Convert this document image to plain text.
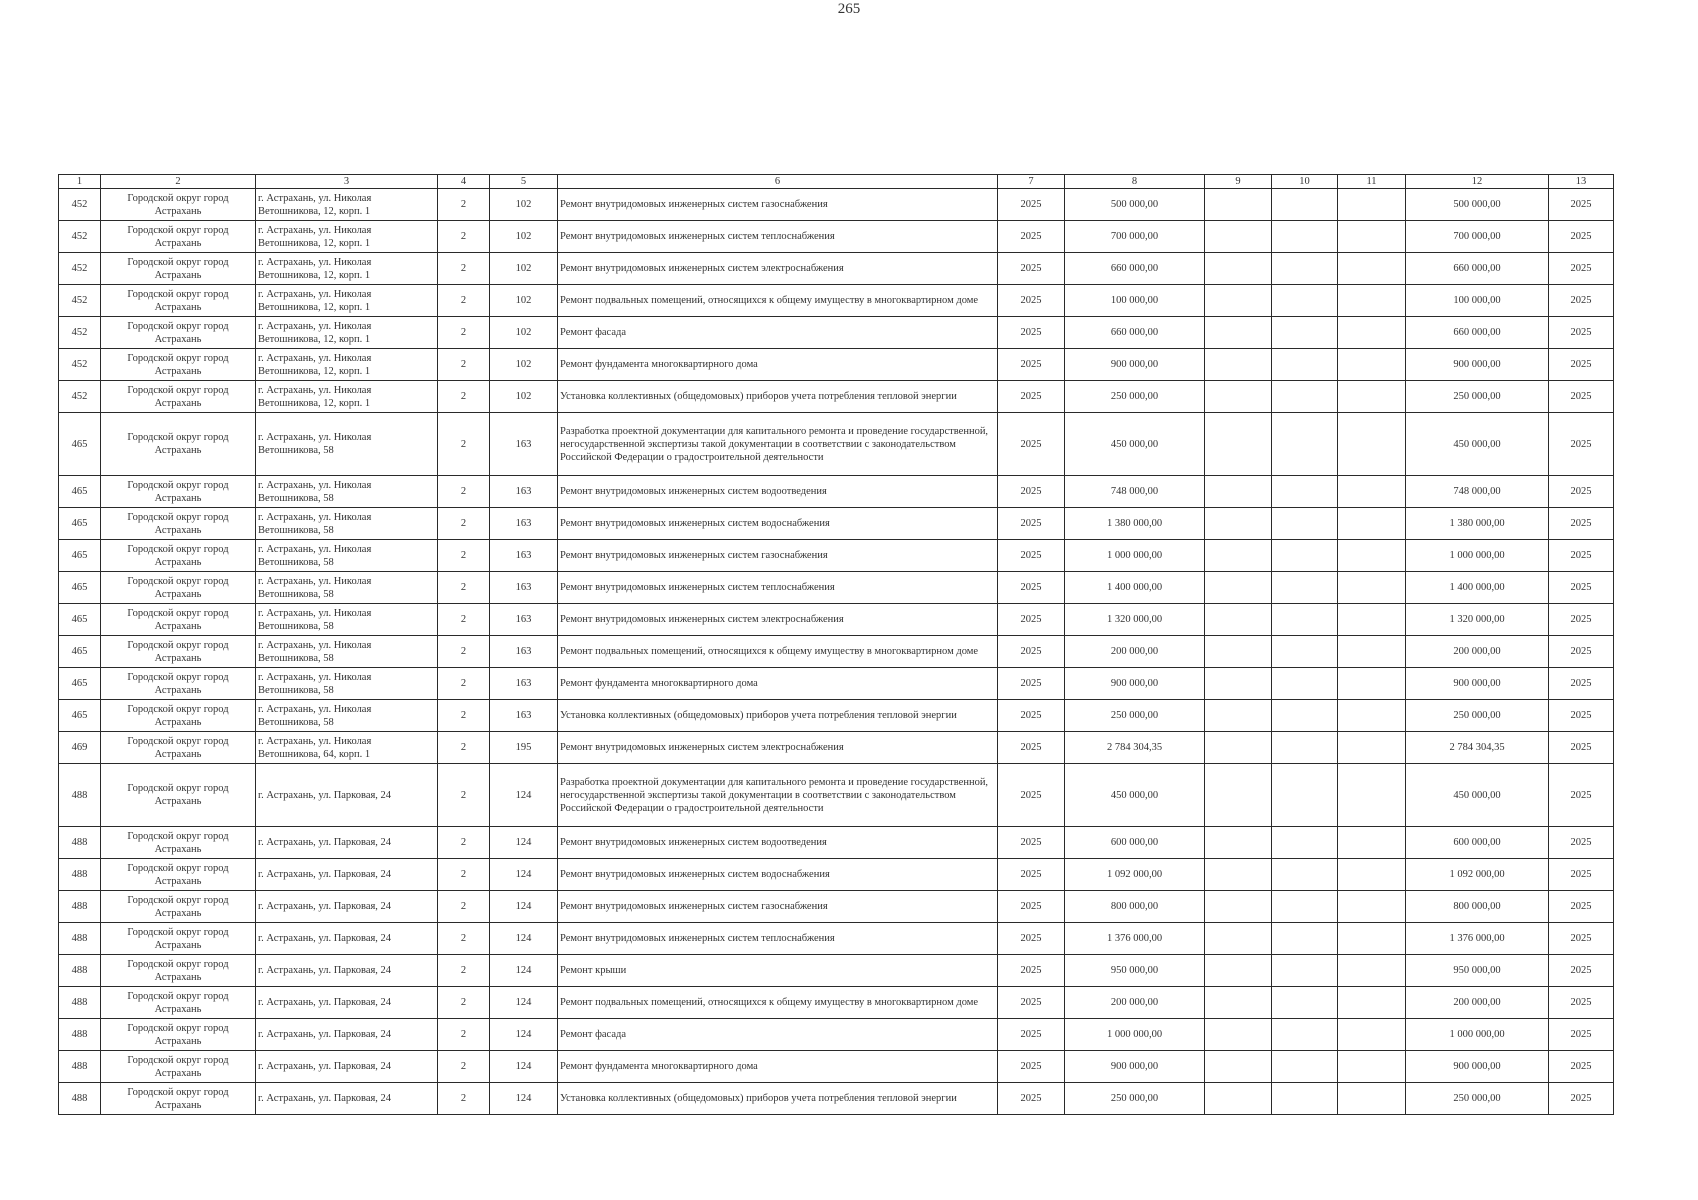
265
1	2	3	4	5	6	7	8	9	10	11	12	13
452	Городской округ город Астрахань	г. Астрахань, ул. Николая Ветошникова, 12, корп. 1	2	102	Ремонт внутридомовых инженерных систем газоснабжения	2025	500 000,00				500 000,00	2025
452	Городской округ город Астрахань	г. Астрахань, ул. Николая Ветошникова, 12, корп. 1	2	102	Ремонт внутридомовых инженерных систем теплоснабжения	2025	700 000,00				700 000,00	2025
452	Городской округ город Астрахань	г. Астрахань, ул. Николая Ветошникова, 12, корп. 1	2	102	Ремонт внутридомовых инженерных систем электроснабжения	2025	660 000,00				660 000,00	2025
452	Городской округ город Астрахань	г. Астрахань, ул. Николая Ветошникова, 12, корп. 1	2	102	Ремонт подвальных помещений, относящихся к общему имуществу в многоквартирном доме	2025	100 000,00				100 000,00	2025
452	Городской округ город Астрахань	г. Астрахань, ул. Николая Ветошникова, 12, корп. 1	2	102	Ремонт фасада	2025	660 000,00				660 000,00	2025
452	Городской округ город Астрахань	г. Астрахань, ул. Николая Ветошникова, 12, корп. 1	2	102	Ремонт фундамента многоквартирного дома	2025	900 000,00				900 000,00	2025
452	Городской округ город Астрахань	г. Астрахань, ул. Николая Ветошникова, 12, корп. 1	2	102	Установка коллективных (общедомовых) приборов учета потребления тепловой энергии	2025	250 000,00				250 000,00	2025
465	Городской округ город Астрахань	г. Астрахань, ул. Николая Ветошникова, 58	2	163	Разработка проектной документации для капитального ремонта и проведение государственной, негосударственной экспертизы такой документации в соответствии с законодательством Российской Федерации о градостроительной деятельности	2025	450 000,00				450 000,00	2025
465	Городской округ город Астрахань	г. Астрахань, ул. Николая Ветошникова, 58	2	163	Ремонт внутридомовых инженерных систем водоотведения	2025	748 000,00				748 000,00	2025
465	Городской округ город Астрахань	г. Астрахань, ул. Николая Ветошникова, 58	2	163	Ремонт внутридомовых инженерных систем водоснабжения	2025	1 380 000,00				1 380 000,00	2025
465	Городской округ город Астрахань	г. Астрахань, ул. Николая Ветошникова, 58	2	163	Ремонт внутридомовых инженерных систем газоснабжения	2025	1 000 000,00				1 000 000,00	2025
465	Городской округ город Астрахань	г. Астрахань, ул. Николая Ветошникова, 58	2	163	Ремонт внутридомовых инженерных систем теплоснабжения	2025	1 400 000,00				1 400 000,00	2025
465	Городской округ город Астрахань	г. Астрахань, ул. Николая Ветошникова, 58	2	163	Ремонт внутридомовых инженерных систем электроснабжения	2025	1 320 000,00				1 320 000,00	2025
465	Городской округ город Астрахань	г. Астрахань, ул. Николая Ветошникова, 58	2	163	Ремонт подвальных помещений, относящихся к общему имуществу в многоквартирном доме	2025	200 000,00				200 000,00	2025
465	Городской округ город Астрахань	г. Астрахань, ул. Николая Ветошникова, 58	2	163	Ремонт фундамента многоквартирного дома	2025	900 000,00				900 000,00	2025
465	Городской округ город Астрахань	г. Астрахань, ул. Николая Ветошникова, 58	2	163	Установка коллективных (общедомовых) приборов учета потребления тепловой энергии	2025	250 000,00				250 000,00	2025
469	Городской округ город Астрахань	г. Астрахань, ул. Николая Ветошникова, 64, корп. 1	2	195	Ремонт внутридомовых инженерных систем электроснабжения	2025	2 784 304,35				2 784 304,35	2025
488	Городской округ город Астрахань	г. Астрахань, ул. Парковая, 24	2	124	Разработка проектной документации для капитального ремонта и проведение государственной, негосударственной экспертизы такой документации в соответствии с законодательством Российской Федерации о градостроительной деятельности	2025	450 000,00				450 000,00	2025
488	Городской округ город Астрахань	г. Астрахань, ул. Парковая, 24	2	124	Ремонт внутридомовых инженерных систем водоотведения	2025	600 000,00				600 000,00	2025
488	Городской округ город Астрахань	г. Астрахань, ул. Парковая, 24	2	124	Ремонт внутридомовых инженерных систем водоснабжения	2025	1 092 000,00				1 092 000,00	2025
488	Городской округ город Астрахань	г. Астрахань, ул. Парковая, 24	2	124	Ремонт внутридомовых инженерных систем газоснабжения	2025	800 000,00				800 000,00	2025
488	Городской округ город Астрахань	г. Астрахань, ул. Парковая, 24	2	124	Ремонт внутридомовых инженерных систем теплоснабжения	2025	1 376 000,00				1 376 000,00	2025
488	Городской округ город Астрахань	г. Астрахань, ул. Парковая, 24	2	124	Ремонт крыши	2025	950 000,00				950 000,00	2025
488	Городской округ город Астрахань	г. Астрахань, ул. Парковая, 24	2	124	Ремонт подвальных помещений, относящихся к общему имуществу в многоквартирном доме	2025	200 000,00				200 000,00	2025
488	Городской округ город Астрахань	г. Астрахань, ул. Парковая, 24	2	124	Ремонт фасада	2025	1 000 000,00				1 000 000,00	2025
488	Городской округ город Астрахань	г. Астрахань, ул. Парковая, 24	2	124	Ремонт фундамента многоквартирного дома	2025	900 000,00				900 000,00	2025
488	Городской округ город Астрахань	г. Астрахань, ул. Парковая, 24	2	124	Установка коллективных (общедомовых) приборов учета потребления тепловой энергии	2025	250 000,00				250 000,00	2025
